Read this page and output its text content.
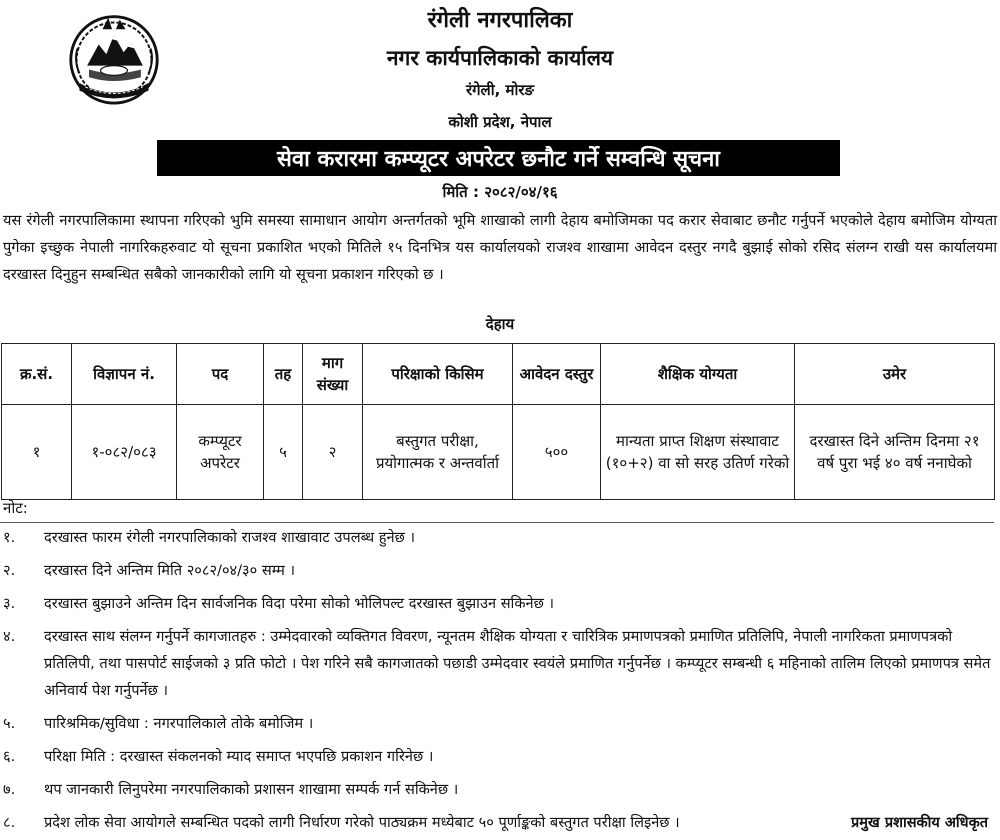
रंगेली नगरपालिका
नगर कार्यपालिकाको कार्यालय
रंगेली, मोरङ
कोशी प्रदेश, नेपाल
सेवा करारमा कम्प्यूटर अपरेटर छनौट गर्ने सम्वन्धि सूचना
मिति : २०८२/०४/१६

यस रंगेली नगरपालिकामा स्थापना गरिएको भुमि समस्या सामाधान आयोग अन्तर्गतको भूमि शाखाको लागी देहाय बमोजिमका पद करार सेवाबाट छनौट गर्नुपर्ने भएकोले देहाय बमोजिम योग्यता पुगेका इच्छुक नेपाली नागरिकहरुवाट यो सूचना प्रकाशित भएको मितिले १५ दिनभित्र यस कार्यालयको राजश्व शाखामा आवेदन दस्तुर नगदै बुझाई सोको रसिद संलग्न राखी यस कार्यालयमा दरखास्त दिनुहुन सम्बन्धित सबैको जानकारीको लागि यो सूचना प्रकाशन गरिएको छ ।

देहाय
क्र.सं.	विज्ञापन नं.	पद	तह	माग संख्या	परिक्षाको किसिम	आवेदन दस्तुर	शैक्षिक योग्यता	उमेर
१	१-०८२/०८३	कम्प्यूटर अपरेटर	५	२	बस्तुगत परीक्षा, प्रयोगात्मक र अन्तर्वार्ता	५००	मान्यता प्राप्त शिक्षण संस्थावाट (१०+२) वा सो सरह उतिर्ण गरेको	दरखास्त दिने अन्तिम दिनमा २१ वर्ष पुरा भई ४० वर्ष ननाघेको
नोट:
१. दरखास्त फारम रंगेली नगरपालिकाको राजश्व शाखावाट उपलब्ध हुनेछ ।
२. दरखास्त दिने अन्तिम मिति २०८२/०४/३० सम्म ।
३. दरखास्त बुझाउने अन्तिम दिन सार्वजनिक विदा परेमा सोको भोलिपल्ट दरखास्त बुझाउन सकिनेछ ।
४. दरखास्त साथ संलग्न गर्नुपर्ने कागजातहरु : उम्मेदवारको व्यक्तिगत विवरण, न्यूनतम शैक्षिक योग्यता र चारित्रिक प्रमाणपत्रको प्रमाणित प्रतिलिपि, नेपाली नागरिकता प्रमाणपत्रको प्रतिलिपी, तथा पासपोर्ट साईजको ३ प्रति फोटो । पेश गरिने सबै कागजातको पछाडी उम्मेदवार स्वयंले प्रमाणित गर्नुपर्नेछ । कम्प्यूटर सम्बन्धी ६ महिनाको तालिम लिएको प्रमाणपत्र समेत अनिवार्य पेश गर्नुपर्नेछ ।
५. पारिश्रमिक/सुविधा : नगरपालिकाले तोके बमोजिम ।
६. परिक्षा मिति : दरखास्त संकलनको म्याद समाप्त भएपछि प्रकाशन गरिनेछ ।
७. थप जानकारी लिनुपरेमा नगरपालिकाको प्रशासन शाखामा सम्पर्क गर्न सकिनेछ ।
८. प्रदेश लोक सेवा आयोगले सम्बन्धित पदको लागी निर्धारण गरेको पाठ्यक्रम मध्येबाट ५० पूर्णाङ्कको बस्तुगत परीक्षा लिइनेछ ।	प्रमुख प्रशासकीय अधिकृत
